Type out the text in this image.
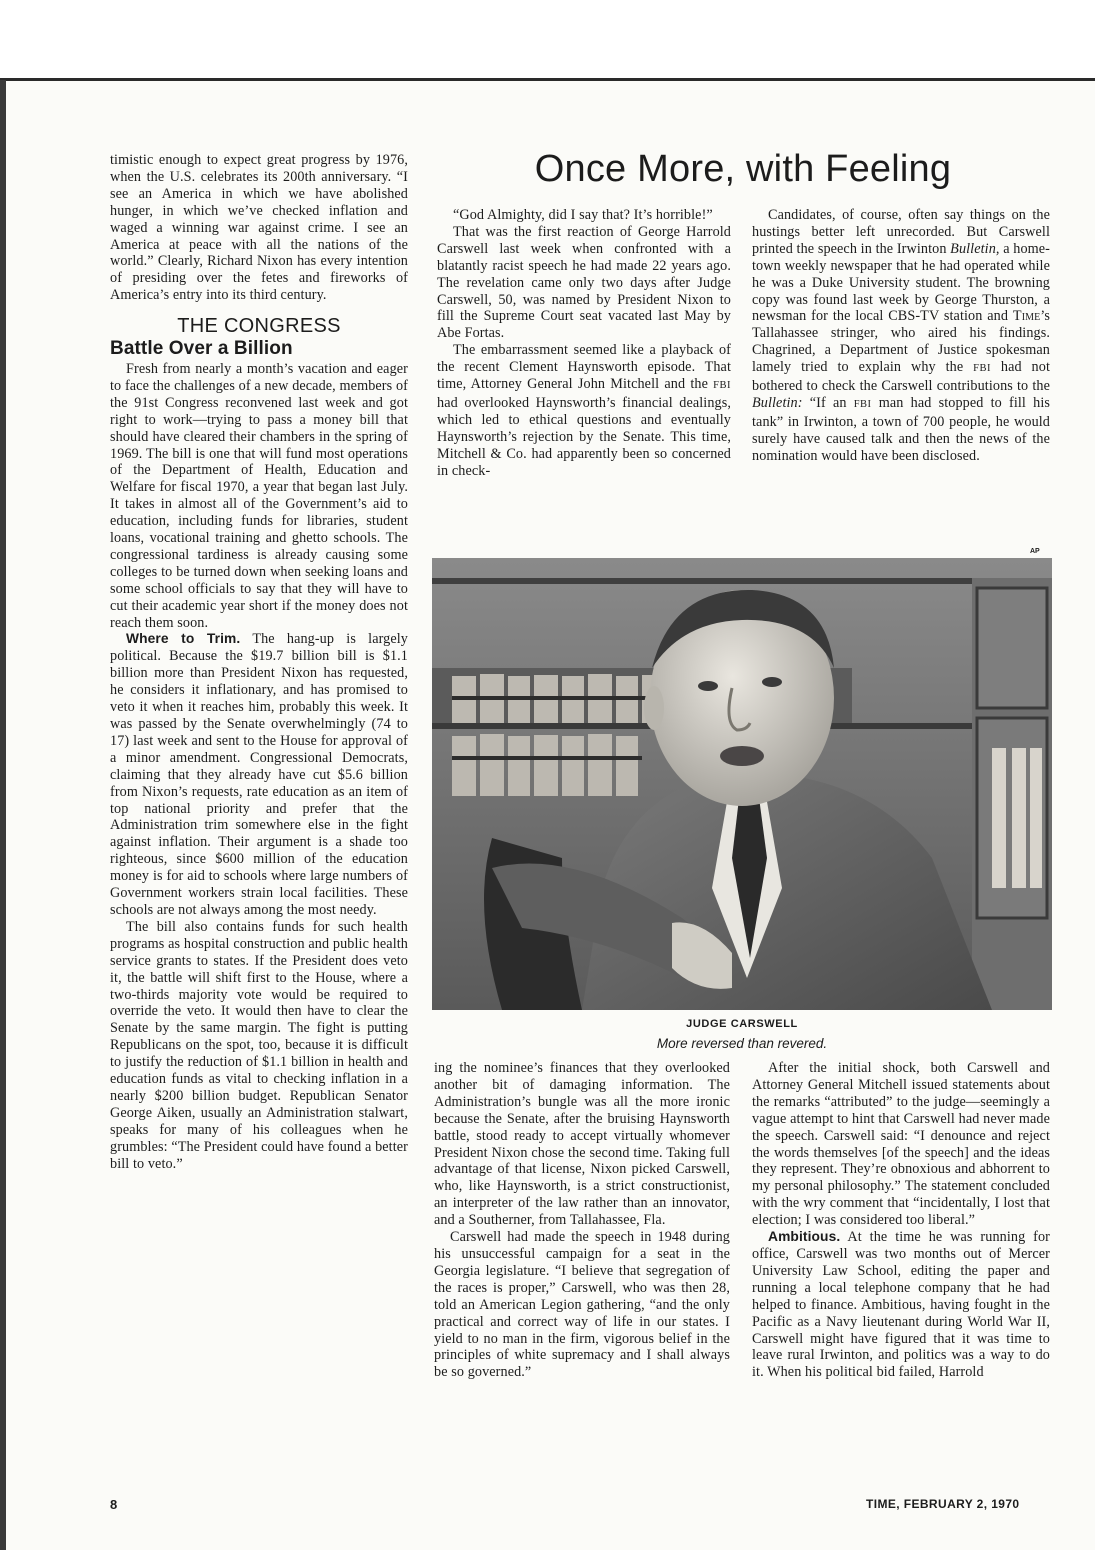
timistic enough to expect great progress by 1976, when the U.S. celebrates its 200th anniversary. “I see an America in which we have abolished hunger, in which we’ve checked inflation and waged a winning war against crime. I see an America at peace with all the nations of the world.” Clearly, Richard Nixon has every intention of presiding over the fetes and fireworks of America’s entry into its third century.

THE CONGRESS
Battle Over a Billion

Fresh from nearly a month’s vacation and eager to face the challenges of a new decade, members of the 91st Congress reconvened last week and got right to work—trying to pass a money bill that should have cleared their chambers in the spring of 1969. The bill is one that will fund most operations of the Department of Health, Education and Welfare for fiscal 1970, a year that began last July. It takes in almost all of the Government’s aid to education, including funds for libraries, student loans, vocational training and ghetto schools. The congressional tardiness is already causing some colleges to be turned down when seeking loans and some school officials to say that they will have to cut their academic year short if the money does not reach them soon.

Where to Trim. The hang-up is largely political. Because the $19.7 billion bill is $1.1 billion more than President Nixon has requested, he considers it inflationary, and has promised to veto it when it reaches him, probably this week. It was passed by the Senate overwhelmingly (74 to 17) last week and sent to the House for approval of a minor amendment. Congressional Democrats, claiming that they already have cut $5.6 billion from Nixon’s requests, rate education as an item of top national priority and prefer that the Administration trim somewhere else in the fight against inflation. Their argument is a shade too righteous, since $600 million of the education money is for aid to schools where large numbers of Government workers strain local facilities. These schools are not always among the most needy.

The bill also contains funds for such health programs as hospital construction and public health service grants to states. If the President does veto it, the battle will shift first to the House, where a two-thirds majority vote would be required to override the veto. It would then have to clear the Senate by the same margin. The fight is putting Republicans on the spot, too, because it is difficult to justify the reduction of $1.1 billion in health and education funds as vital to checking inflation in a nearly $200 billion budget. Republican Senator George Aiken, usually an Administration stalwart, speaks for many of his colleagues when he grumbles: “The President could have found a better bill to veto.”

Once More, with Feeling

“God Almighty, did I say that? It’s horrible!”

That was the first reaction of George Harrold Carswell last week when confronted with a blatantly racist speech he had made 22 years ago. The revelation came only two days after Judge Carswell, 50, was named by President Nixon to fill the Supreme Court seat vacated last May by Abe Fortas.

The embarrassment seemed like a playback of the recent Clement Haynsworth episode. That time, Attorney General John Mitchell and the FBI had overlooked Haynsworth’s financial dealings, which led to ethical questions and eventually Haynsworth’s rejection by the Senate. This time, Mitchell & Co. had apparently been so concerned in check-

Candidates, of course, often say things on the hustings better left unrecorded. But Carswell printed the speech in the Irwinton Bulletin, a home-town weekly newspaper that he had operated while he was a Duke University student. The browning copy was found last week by George Thurston, a newsman for the local CBS-TV station and Time’s Tallahassee stringer, who aired his findings. Chagrined, a Department of Justice spokesman lamely tried to explain why the FBI had not bothered to check the Carswell contributions to the Bulletin: “If an FBI man had stopped to fill his tank” in Irwinton, a town of 700 people, he would surely have caused talk and then the news of the nomination would have been disclosed.

AP
JUDGE CARSWELL
More reversed than revered.

ing the nominee’s finances that they overlooked another bit of damaging information. The Administration’s bungle was all the more ironic because the Senate, after the bruising Haynsworth battle, stood ready to accept virtually whomever President Nixon chose the second time. Taking full advantage of that license, Nixon picked Carswell, who, like Haynsworth, is a strict constructionist, an interpreter of the law rather than an innovator, and a Southerner, from Tallahassee, Fla.

Carswell had made the speech in 1948 during his unsuccessful campaign for a seat in the Georgia legislature. “I believe that segregation of the races is proper,” Carswell, who was then 28, told an American Legion gathering, “and the only practical and correct way of life in our states. I yield to no man in the firm, vigorous belief in the principles of white supremacy and I shall always be so governed.”

After the initial shock, both Carswell and Attorney General Mitchell issued statements about the remarks “attributed” to the judge—seemingly a vague attempt to hint that Carswell had never made the speech. Carswell said: “I denounce and reject the words themselves [of the speech] and the ideas they represent. They’re obnoxious and abhorrent to my personal philosophy.” The statement concluded with the wry comment that “incidentally, I lost that election; I was considered too liberal.”

Ambitious. At the time he was running for office, Carswell was two months out of Mercer University Law School, editing the paper and running a local telephone company that he had helped to finance. Ambitious, having fought in the Pacific as a Navy lieutenant during World War II, Carswell might have figured that it was time to leave rural Irwinton, and politics was a way to do it. When his political bid failed, Harrold

8	TIME, FEBRUARY 2, 1970
